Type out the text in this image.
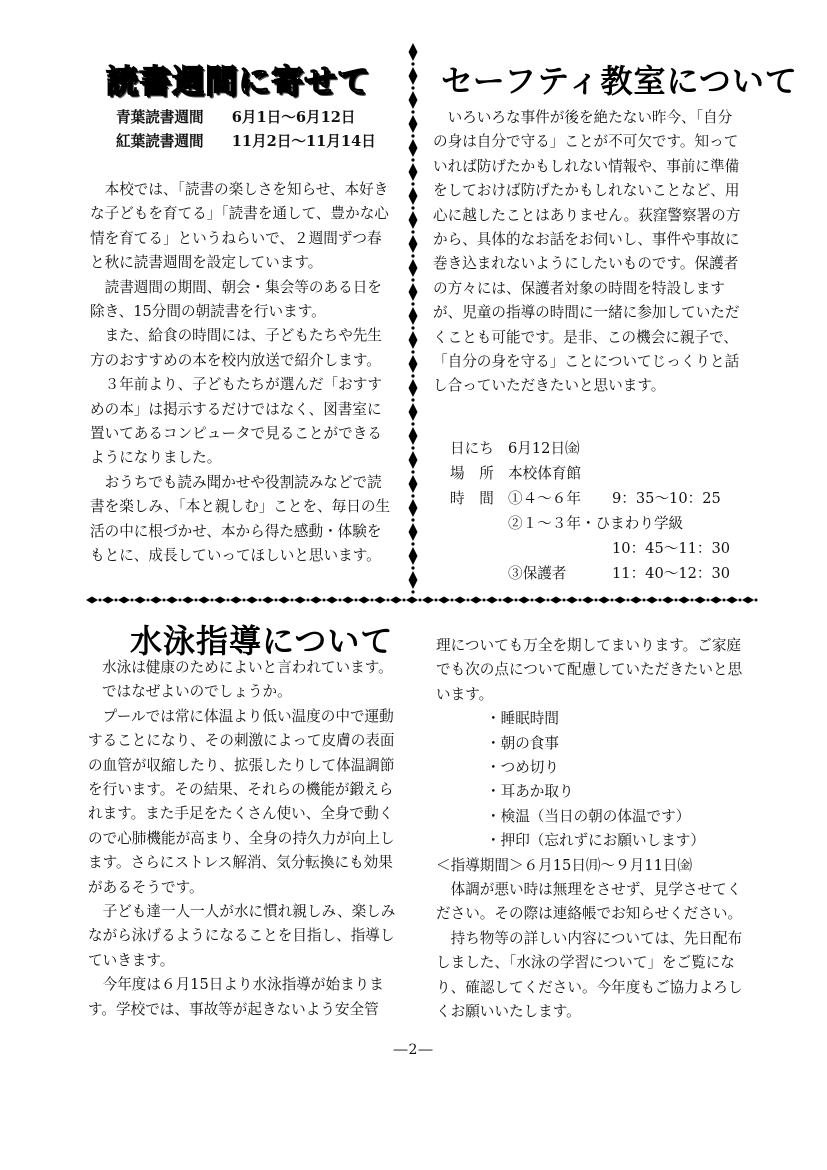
読書週間に寄せて
青葉読書週間 6月1日～6月12日
紅葉読書週間 11月2日～11月14日

本校では、「読書の楽しさを知らせ、本好きな子どもを育てる」「読書を通して、豊かな心情を育てる」というねらいで、２週間ずつ春と秋に読書週間を設定しています。

読書週間の期間、朝会・集会等のある日を除き、15分間の朝読書を行います。

また、給食の時間には、子どもたちや先生方のおすすめの本を校内放送で紹介します。

３年前より、子どもたちが選んだ「おすすめの本」は掲示するだけではなく、図書室に置いてあるコンピュータで見ることができるようになりました。

おうちでも読み聞かせや役割読みなどで読書を楽しみ、「本と親しむ」ことを、毎日の生活の中に根づかせ、本から得た感動・体験をもとに、成長していってほしいと思います。

セーフティ教室について

いろいろな事件が後を絶たない昨今、「自分の身は自分で守る」ことが不可欠です。知っていれば防げたかもしれない情報や、事前に準備をしておけば防げたかもしれないことなど、用心に越したことはありません。荻窪警察署の方から、具体的なお話をお伺いし、事件や事故に巻き込まれないようにしたいものです。保護者の方々には、保護者対象の時間を特設しますが、児童の指導の時間に一緒に参加していただくことも可能です。是非、この機会に親子で、「自分の身を守る」ことについてじっくりと話し合っていただきたいと思います。

日にち 6月12日㈮
場　所 本校体育館
時　間 ①４～６年	9：35～10：25
②１～３年・ひまわり学級
10：45～11：30
③保護者	11：40～12：30
水泳指導について

水泳は健康のためによいと言われています。ではなぜよいのでしょうか。

プールでは常に体温より低い温度の中で運動することになり、その刺激によって皮膚の表面の血管が収縮したり、拡張したりして体温調節を行います。その結果、それらの機能が鍛えられます。また手足をたくさん使い、全身で動くので心肺機能が高まり、全身の持久力が向上します。さらにストレス解消、気分転換にも効果があるそうです。

子ども達一人一人が水に慣れ親しみ、楽しみながら泳げるようになることを目指し、指導していきます。

今年度は６月15日より水泳指導が始まります。学校では、事故等が起きないよう安全管

理についても万全を期してまいります。ご家庭でも次の点について配慮していただきたいと思います。

・睡眠時間
・朝の食事
・つめ切り
・耳あか取り
・検温（当日の朝の体温です）
・押印（忘れずにお願いします）

＜指導期間＞６月15日㈪～９月11日㈮

体調が悪い時は無理をさせず、見学させてください。その際は連絡帳でお知らせください。

持ち物等の詳しい内容については、先日配布しました、「水泳の学習について」をご覧になり、確認してください。今年度もご協力よろしくお願いいたします。

―2―
